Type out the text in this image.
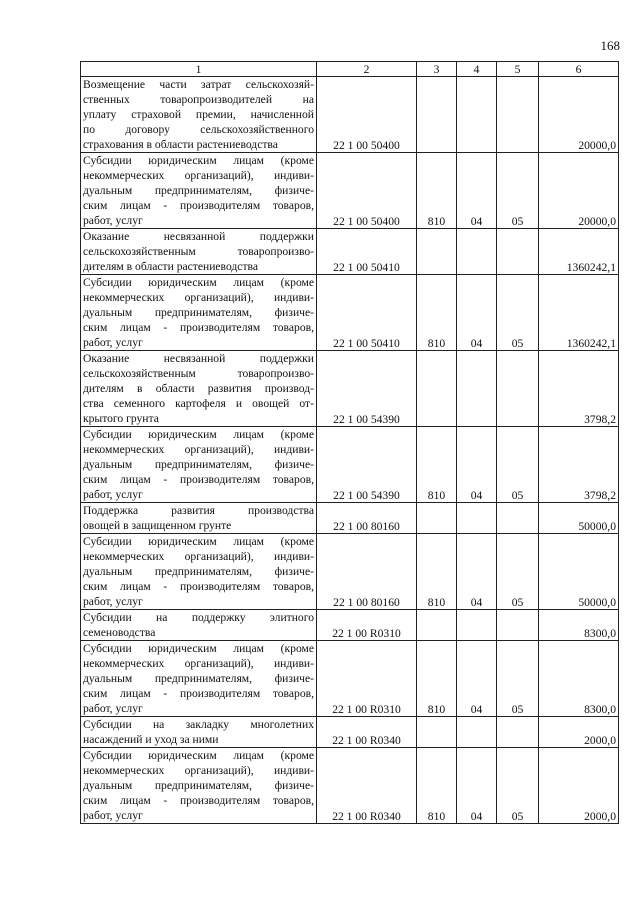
168
1	2	3	4	5	6

Возмещение части затрат сельскохозяй-
ственных товаропроизводителей на
уплату страховой премии, начисленной
по договору сельскохозяйственного
страхования в области растениеводства	22 1 00 50400				20000,0

Субсидии юридическим лицам (кроме
некоммерческих организаций), индиви-
дуальным предпринимателям, физиче-
ским лицам - производителям товаров,
работ, услуг	22 1 00 50400	810	04	05	20000,0

Оказание несвязанной поддержки
сельскохозяйственным товаропроизво-
дителям в области растениеводства	22 1 00 50410				1360242,1

Субсидии юридическим лицам (кроме
некоммерческих организаций), индиви-
дуальным предпринимателям, физиче-
ским лицам - производителям товаров,
работ, услуг	22 1 00 50410	810	04	05	1360242,1

Оказание несвязанной поддержки
сельскохозяйственным товаропроизво-
дителям в области развития производ-
ства семенного картофеля и овощей от-
крытого грунта	22 1 00 54390				3798,2

Субсидии юридическим лицам (кроме
некоммерческих организаций), индиви-
дуальным предпринимателям, физиче-
ским лицам - производителям товаров,
работ, услуг	22 1 00 54390	810	04	05	3798,2

Поддержка развития производства
овощей в защищенном грунте	22 1 00 80160				50000,0

Субсидии юридическим лицам (кроме
некоммерческих организаций), индиви-
дуальным предпринимателям, физиче-
ским лицам - производителям товаров,
работ, услуг	22 1 00 80160	810	04	05	50000,0

Субсидии на поддержку элитного
семеноводства	22 1 00 R0310				8300,0

Субсидии юридическим лицам (кроме
некоммерческих организаций), индиви-
дуальным предпринимателям, физиче-
ским лицам - производителям товаров,
работ, услуг	22 1 00 R0310	810	04	05	8300,0

Субсидии на закладку многолетних
насаждений и уход за ними	22 1 00 R0340				2000,0

Субсидии юридическим лицам (кроме
некоммерческих организаций), индиви-
дуальным предпринимателям, физиче-
ским лицам - производителям товаров,
работ, услуг	22 1 00 R0340	810	04	05	2000,0
